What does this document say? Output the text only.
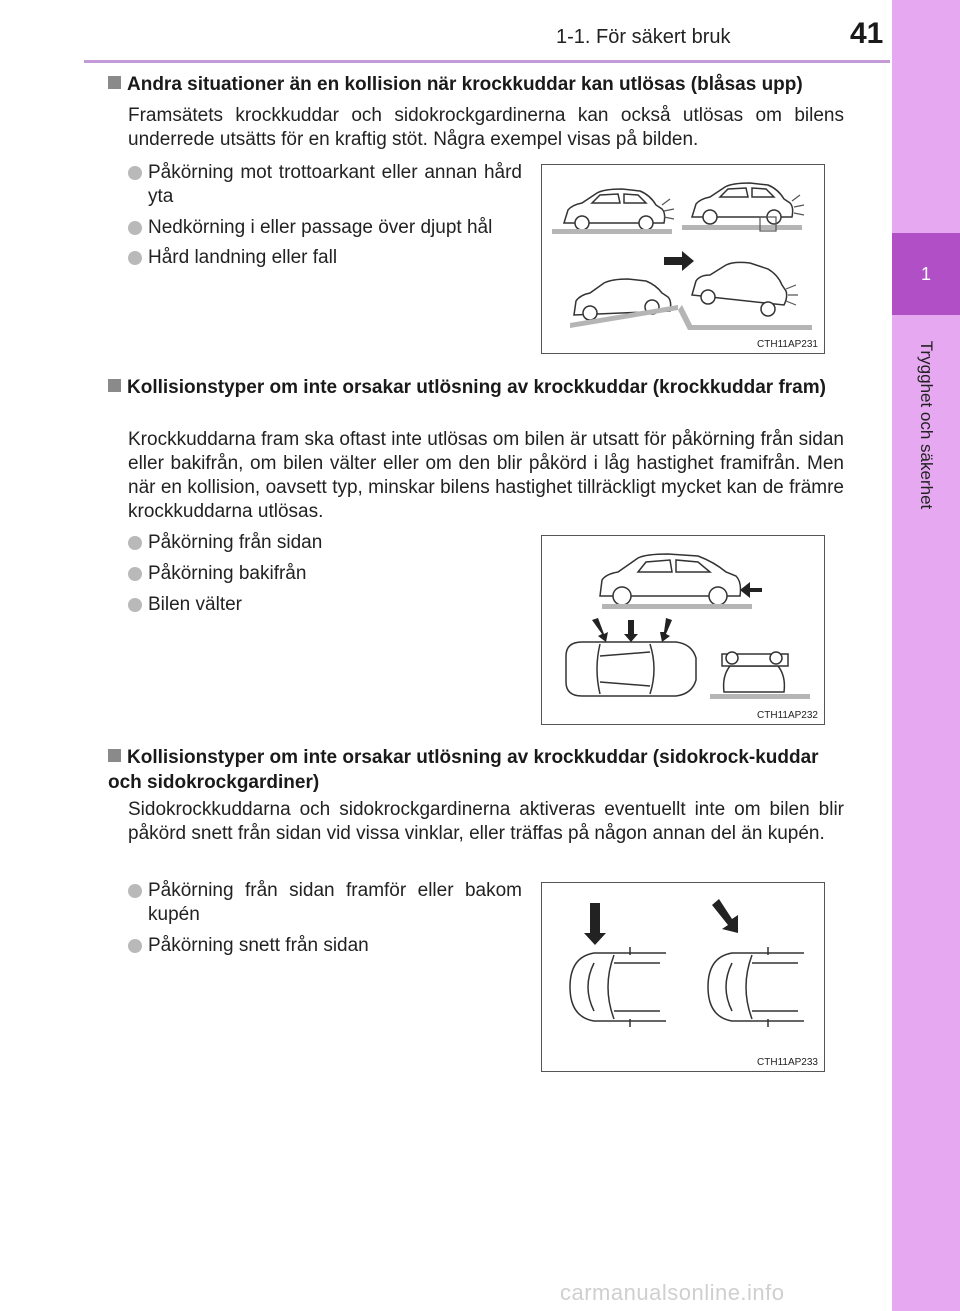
1-1. För säkert bruk	41
1
Trygghet och säkerhet
Andra situationer än en kollision när krockkuddar kan utlösas (blåsas upp)
Framsätets krockkuddar och sidokrockgardinerna kan också utlösas om bilens underrede utsätts för en kraftig stöt. Några exempel visas på bilden.
Påkörning mot trottoarkant eller annan hård yta
Nedkörning i eller passage över djupt hål
Hård landning eller fall
CTH11AP231
Kollisionstyper om inte orsakar utlösning av krockkuddar (krockkuddar fram)
Krockkuddarna fram ska oftast inte utlösas om bilen är utsatt för påkörning från sidan eller bakifrån, om bilen välter eller om den blir påkörd i låg hastighet framifrån. Men när en kollision, oavsett typ, minskar bilens hastighet tillräckligt mycket kan de främre krockkuddarna utlösas.
Påkörning från sidan
Påkörning bakifrån
Bilen välter
CTH11AP232
Kollisionstyper om inte orsakar utlösning av krockkuddar (sidokrock-kuddar och sidokrockgardiner)
Sidokrockkuddarna och sidokrockgardinerna aktiveras eventuellt inte om bilen blir påkörd snett från sidan vid vissa vinklar, eller träffas på någon annan del än kupén.
Påkörning från sidan framför eller bakom kupén
Påkörning snett från sidan
CTH11AP233
carmanualsonline.info
